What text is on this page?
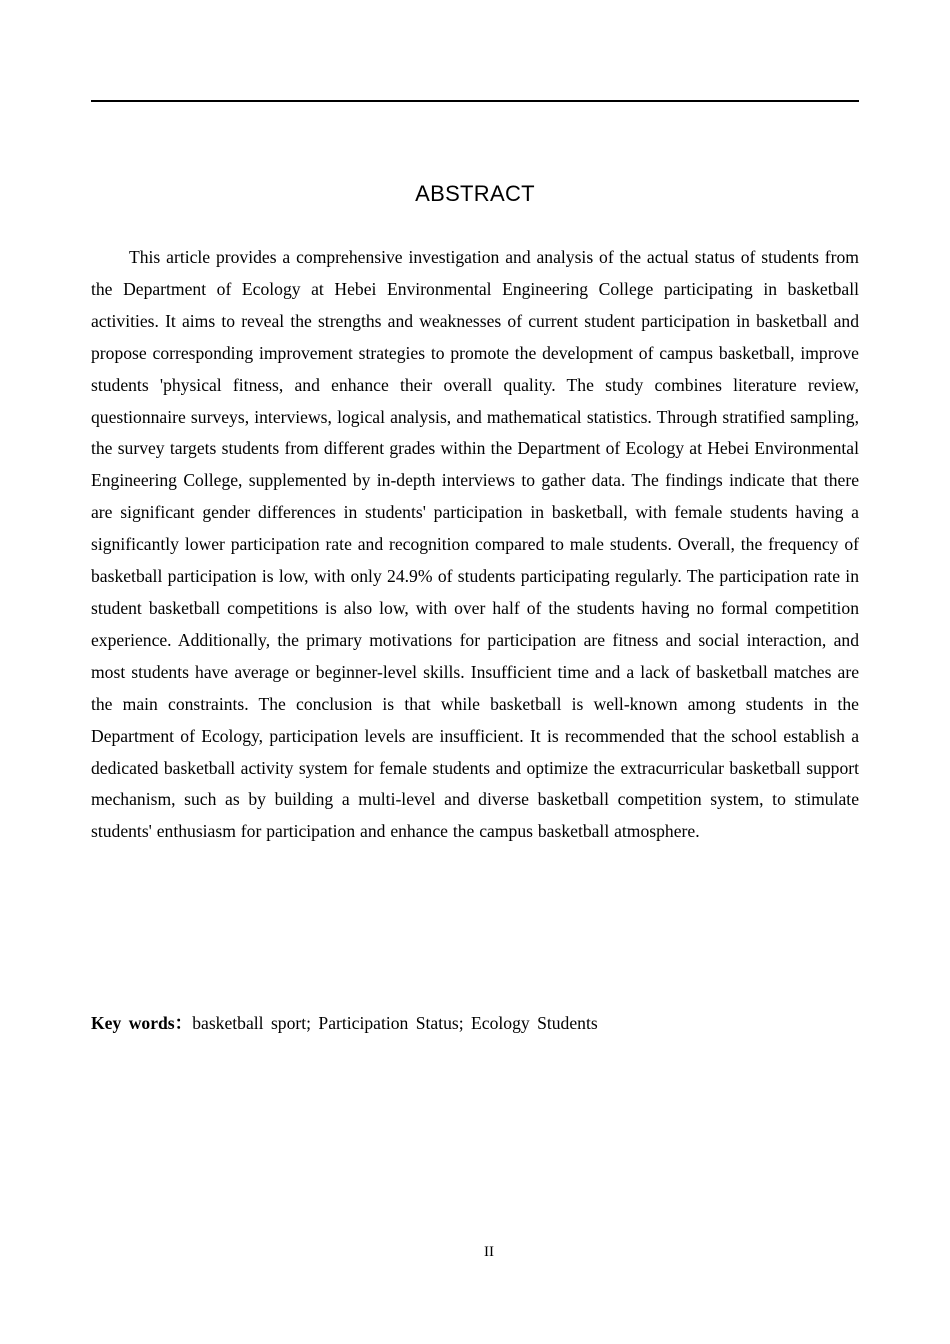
ABSTRACT

This article provides a comprehensive investigation and analysis of the actual status of students from the Department of Ecology at Hebei Environmental Engineering College participating in basketball activities. It aims to reveal the strengths and weaknesses of current student participation in basketball and propose corresponding improvement strategies to promote the development of campus basketball, improve students 'physical fitness, and enhance their overall quality. The study combines literature review, questionnaire surveys, interviews, logical analysis, and mathematical statistics. Through stratified sampling, the survey targets students from different grades within the Department of Ecology at Hebei Environmental Engineering College, supplemented by in-depth interviews to gather data. The findings indicate that there are significant gender differences in students' participation in basketball, with female students having a significantly lower participation rate and recognition compared to male students. Overall, the frequency of basketball participation is low, with only 24.9% of students participating regularly. The participation rate in student basketball competitions is also low, with over half of the students having no formal competition experience. Additionally, the primary motivations for participation are fitness and social interaction, and most students have average or beginner-level skills. Insufficient time and a lack of basketball matches are the main constraints. The conclusion is that while basketball is well-known among students in the Department of Ecology, participation levels are insufficient. It is recommended that the school establish a dedicated basketball activity system for female students and optimize the extracurricular basketball support mechanism, such as by building a multi-level and diverse basketball competition system, to stimulate students' enthusiasm for participation and enhance the campus basketball atmosphere.

Key words：basketball sport; Participation Status; Ecology Students

II
